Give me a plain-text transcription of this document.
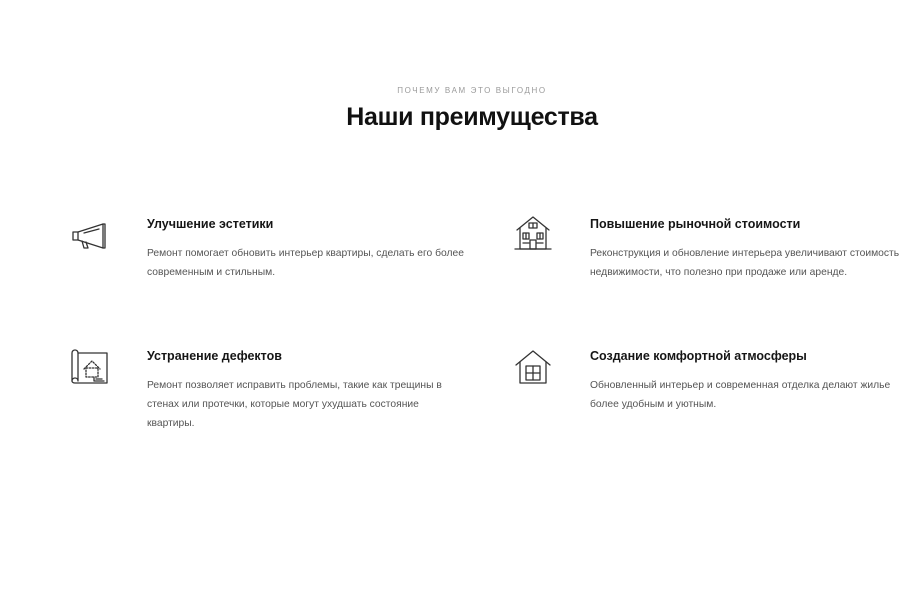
ПОЧЕМУ ВАМ ЭТО ВЫГОДНО
Наши преимущества
Улучшение эстетики

Ремонт помогает обновить интерьер квартиры, сделать его более современным и стильным.

Повышение рыночной стоимости

Реконструкция и обновление интерьера увеличивают стоимость недвижимости, что полезно при продаже или аренде.

Устранение дефектов

Ремонт позволяет исправить проблемы, такие как трещины в стенах или протечки, которые могут ухудшать состояние квартиры.

Создание комфортной атмосферы

Обновленный интерьер и современная отделка делают жилье более удобным и уютным.
